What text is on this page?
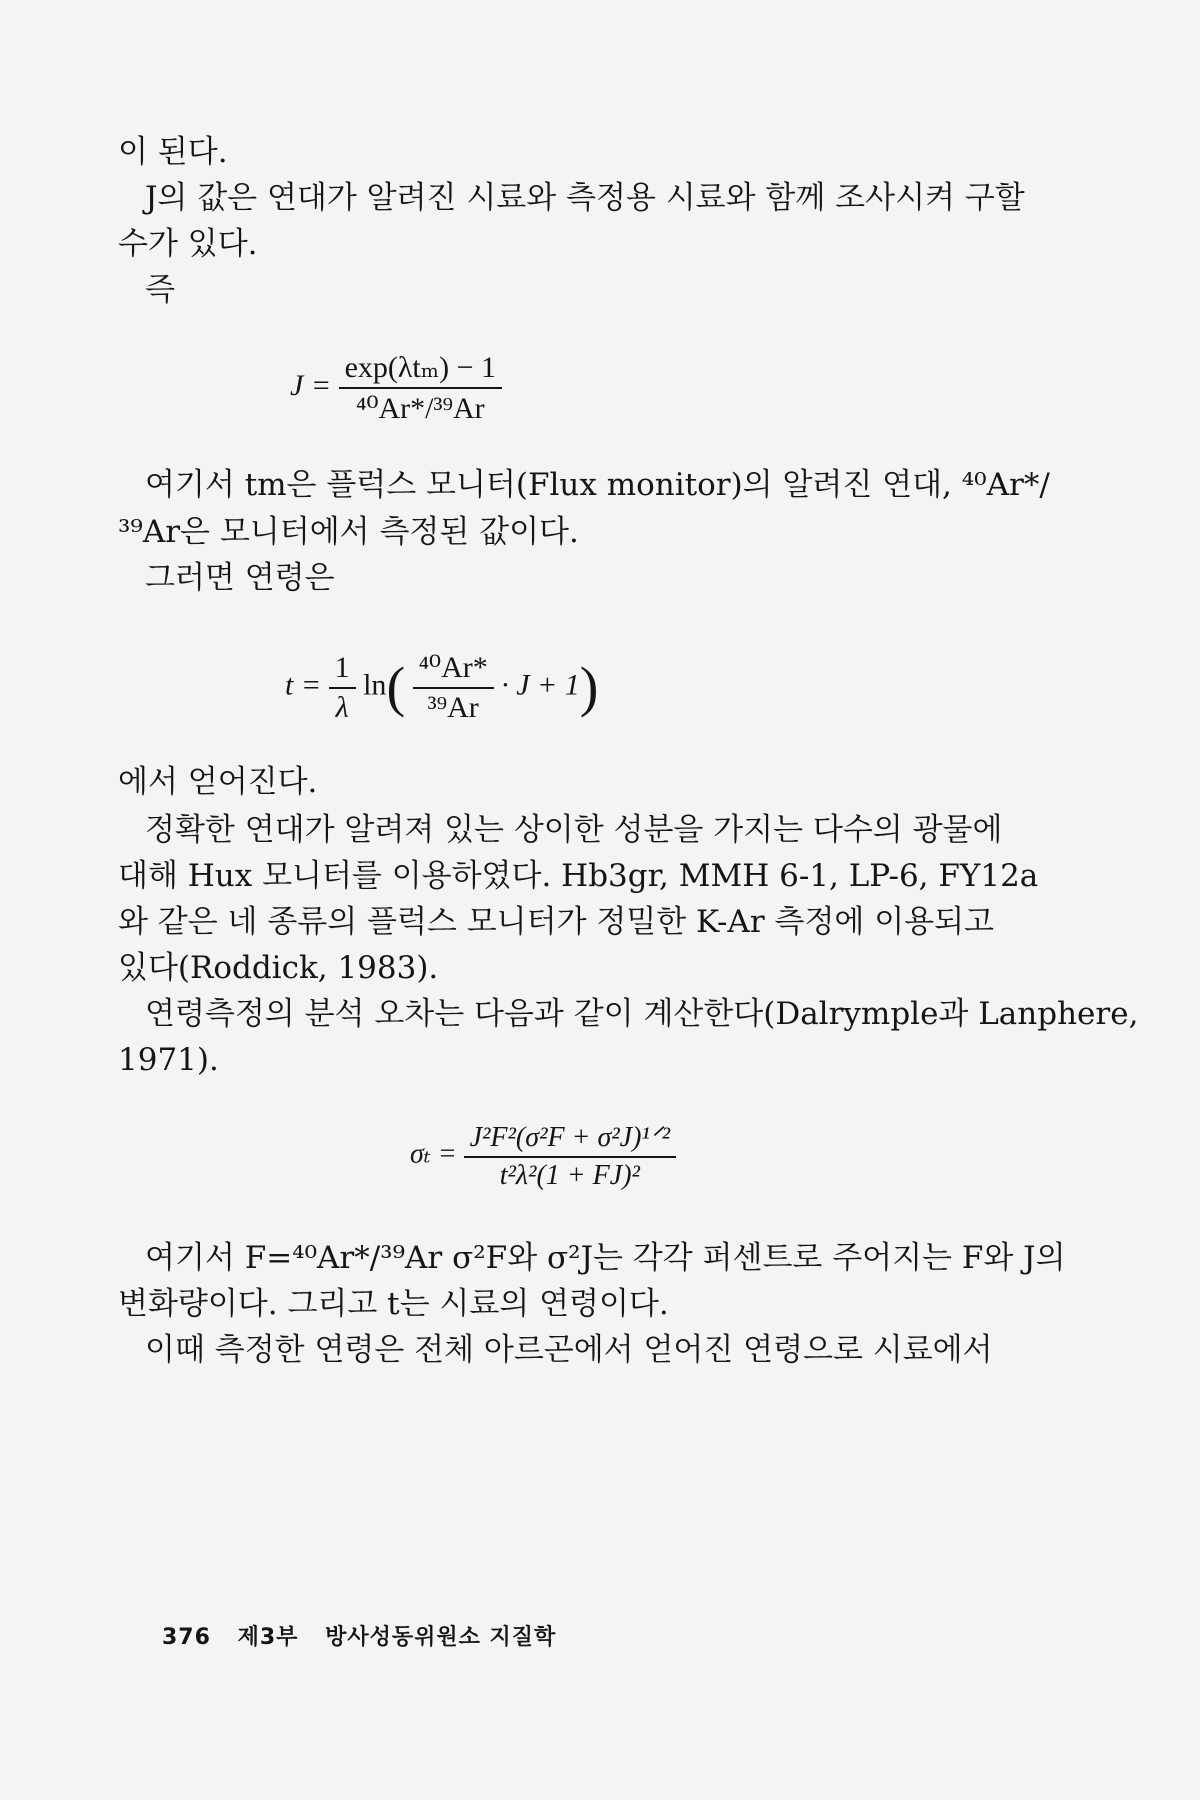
이 된다.
J의 값은 연대가 알려진 시료와 측정용 시료와 함께 조사시켜 구할
수가 있다.
즉
$J = \frac{\text{exp(λtₘ) − 1}}{\text{⁴⁰Ar*/³⁹Ar}}$
여기서 tm은 플럭스 모니터(Flux monitor)의 알려진 연대, ⁴⁰Ar*/
³⁹Ar은 모니터에서 측정된 값이다.
그러면 연령은
$t = \frac{1}{\lambda} \ln( \frac{\text{⁴⁰Ar*}}{\text{³⁹Ar}} \cdot J + 1)$
에서 얻어진다.
정확한 연대가 알려져 있는 상이한 성분을 가지는 다수의 광물에
대해 Hux 모니터를 이용하였다. Hb3gr, MMH 6-1, LP-6, FY12a
와 같은 네 종류의 플럭스 모니터가 정밀한 K-Ar 측정에 이용되고
있다(Roddick, 1983).
연령측정의 분석 오차는 다음과 같이 계산한다(Dalrymple과 Lanphere,
1971).
$\sigma_t = \frac{\text{J²F²(σ²F + σ²J)¹ᐟ²}}{\text{t²λ²(1 + FJ)²}}$
여기서 F=⁴⁰Ar*/³⁹Ar σ²F와 σ²J는 각각 퍼센트로 주어지는 F와 J의
변화량이다. 그리고 t는 시료의 연령이다.
이때 측정한 연령은 전체 아르곤에서 얻어진 연령으로 시료에서
376 제3부 방사성동위원소 지질학
